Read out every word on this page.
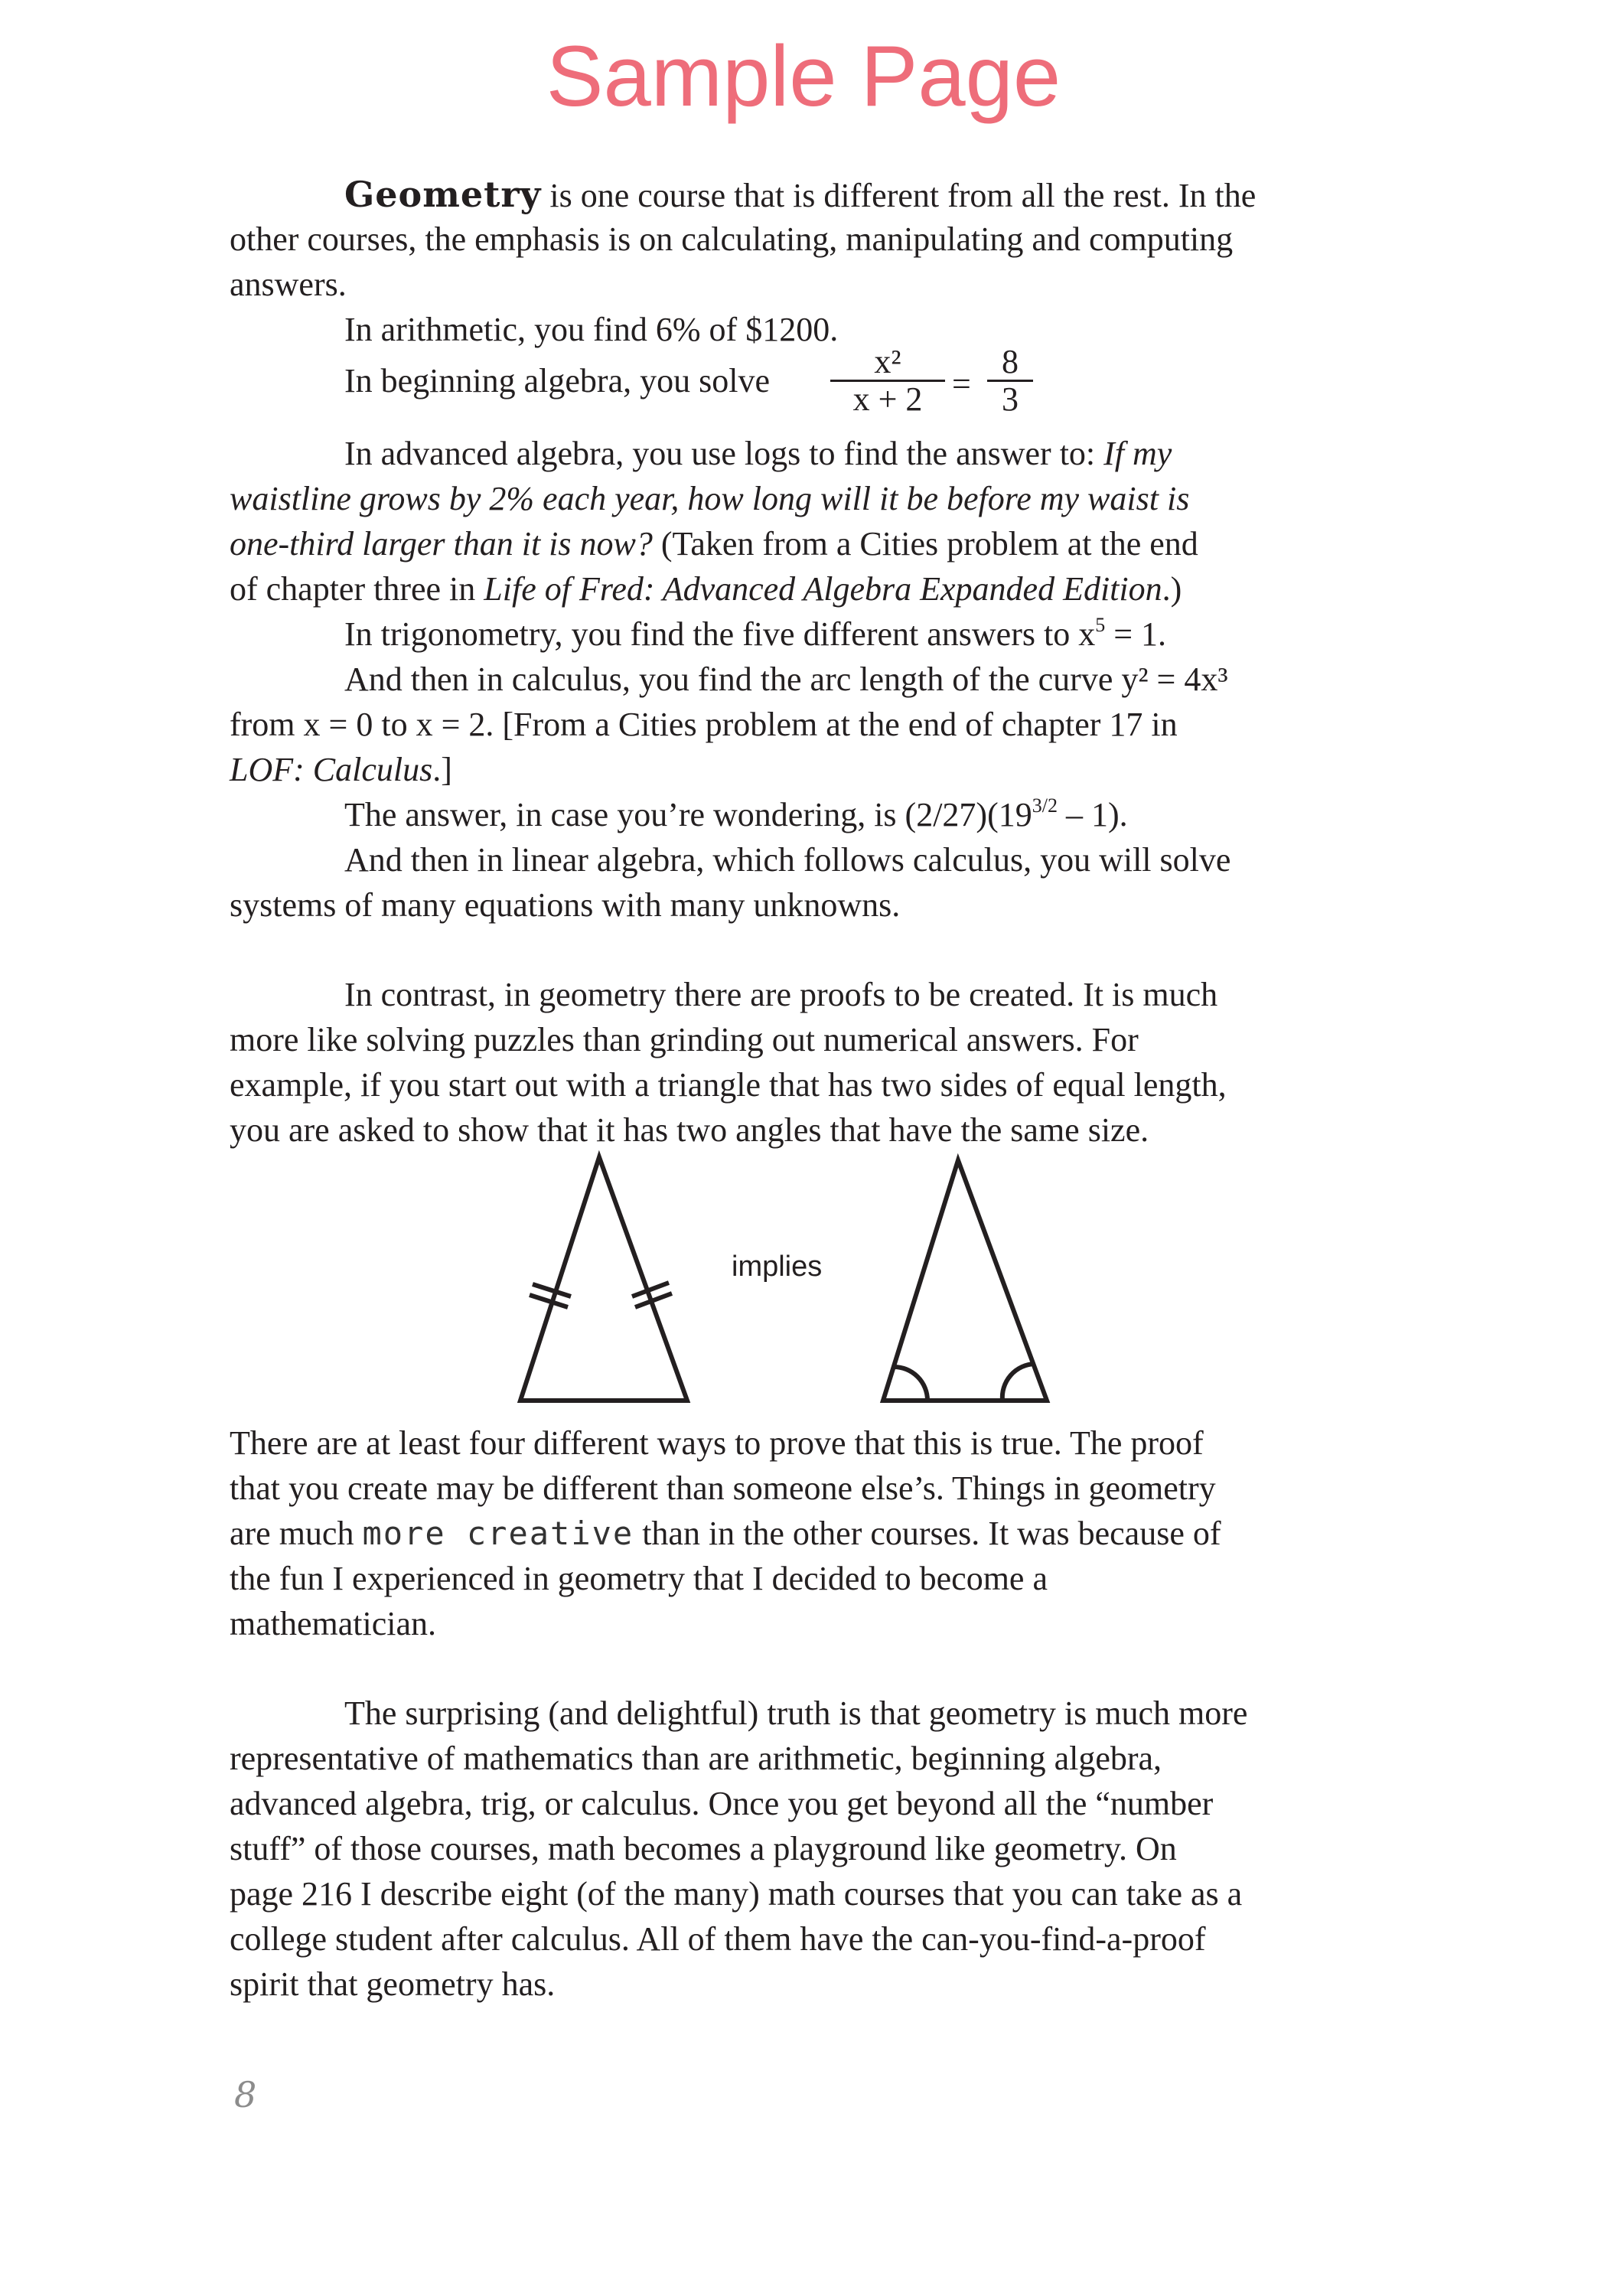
Sample Page
Geometry is one course that is different from all the rest. In the
other courses, the emphasis is on calculating, manipulating and computing
answers.
In arithmetic, you find 6% of $1200.
In beginning algebra, you solve $\frac{\text{x²}}{x + 2} = \frac{8}{3}$
In advanced algebra, you use logs to find the answer to: If my
waistline grows by 2% each year, how long will it be before my waist is
one-third larger than it is now? (Taken from a Cities problem at the end
of chapter three in Life of Fred: Advanced Algebra Expanded Edition.)
In trigonometry, you find the five different answers to $x^5 = 1$.
And then in calculus, you find the arc length of the curve y² = 4x³
from x = 0 to x = 2. [From a Cities problem at the end of chapter 17 in
LOF: Calculus.]
The answer, in case you’re wondering, is $(2/27)(19^{3/2} - 1)$.
And then in linear algebra, which follows calculus, you will solve
systems of many equations with many unknowns.
In contrast, in geometry there are proofs to be created. It is much
more like solving puzzles than grinding out numerical answers. For
example, if you start out with a triangle that has two sides of equal length,
you are asked to show that it has two angles that have the same size.
There are at least four different ways to prove that this is true. The proof
that you create may be different than someone else’s. Things in geometry
are much more creative than in the other courses. It was because of
the fun I experienced in geometry that I decided to become a
mathematician.
The surprising (and delightful) truth is that geometry is much more
representative of mathematics than are arithmetic, beginning algebra,
advanced algebra, trig, or calculus. Once you get beyond all the “number
stuff” of those courses, math becomes a playground like geometry. On
page 216 I describe eight (of the many) math courses that you can take as a
college student after calculus. All of them have the can-you-find-a-proof
spirit that geometry has.
implies
8
